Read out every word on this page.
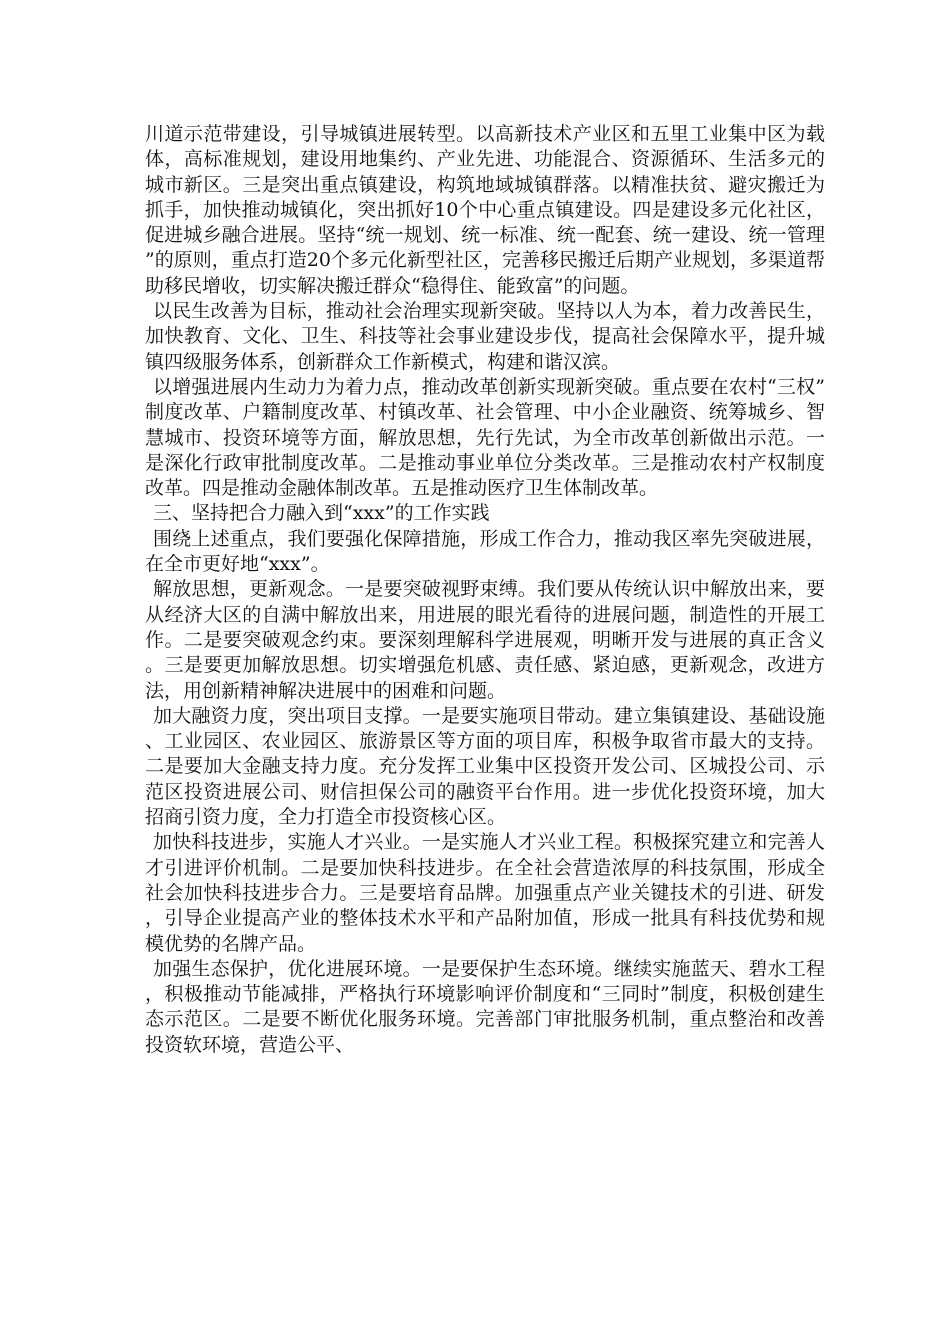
川道示范带建设，引导城镇进展转型。以高新技术产业区和五里工业集中区为载体，高标准规划，建设用地集约、产业先进、功能混合、资源循环、生活多元的城市新区。三是突出重点镇建设，构筑地域城镇群落。以精准扶贫、避灾搬迁为抓手，加快推动城镇化，突出抓好10个中心重点镇建设。四是建设多元化社区，促进城乡融合进展。坚持“统一规划、统一标准、统一配套、统一建设、统一管理”的原则，重点打造20个多元化新型社区，完善移民搬迁后期产业规划，多渠道帮助移民增收，切实解决搬迁群众“稳得住、能致富”的问题。

以民生改善为目标，推动社会治理实现新突破。坚持以人为本，着力改善民生，加快教育、文化、卫生、科技等社会事业建设步伐，提高社会保障水平，提升城镇四级服务体系，创新群众工作新模式，构建和谐汉滨。

以增强进展内生动力为着力点，推动改革创新实现新突破。重点要在农村“三权”制度改革、户籍制度改革、村镇改革、社会管理、中小企业融资、统筹城乡、智慧城市、投资环境等方面，解放思想，先行先试，为全市改革创新做出示范。一是深化行政审批制度改革。二是推动事业单位分类改革。三是推动农村产权制度改革。四是推动金融体制改革。五是推动医疗卫生体制改革。

三、坚持把合力融入到“xxx”的工作实践

围绕上述重点，我们要强化保障措施，形成工作合力，推动我区率先突破进展，在全市更好地“xxx”。

解放思想，更新观念。一是要突破视野束缚。我们要从传统认识中解放出来，要从经济大区的自满中解放出来，用进展的眼光看待的进展问题，制造性的开展工作。二是要突破观念约束。要深刻理解科学进展观，明晰开发与进展的真正含义。三是要更加解放思想。切实增强危机感、责任感、紧迫感，更新观念，改进方法，用创新精神解决进展中的困难和问题。

加大融资力度，突出项目支撑。一是要实施项目带动。建立集镇建设、基础设施、工业园区、农业园区、旅游景区等方面的项目库，积极争取省市最大的支持。二是要加大金融支持力度。充分发挥工业集中区投资开发公司、区城投公司、示范区投资进展公司、财信担保公司的融资平台作用。进一步优化投资环境，加大招商引资力度，全力打造全市投资核心区。

加快科技进步，实施人才兴业。一是实施人才兴业工程。积极探究建立和完善人才引进评价机制。二是要加快科技进步。在全社会营造浓厚的科技氛围，形成全社会加快科技进步合力。三是要培育品牌。加强重点产业关键技术的引进、研发，引导企业提高产业的整体技术水平和产品附加值，形成一批具有科技优势和规模优势的名牌产品。

加强生态保护，优化进展环境。一是要保护生态环境。继续实施蓝天、碧水工程，积极推动节能减排，严格执行环境影响评价制度和“三同时”制度，积极创建生态示范区。二是要不断优化服务环境。完善部门审批服务机制，重点整治和改善投资软环境，营造公平、
